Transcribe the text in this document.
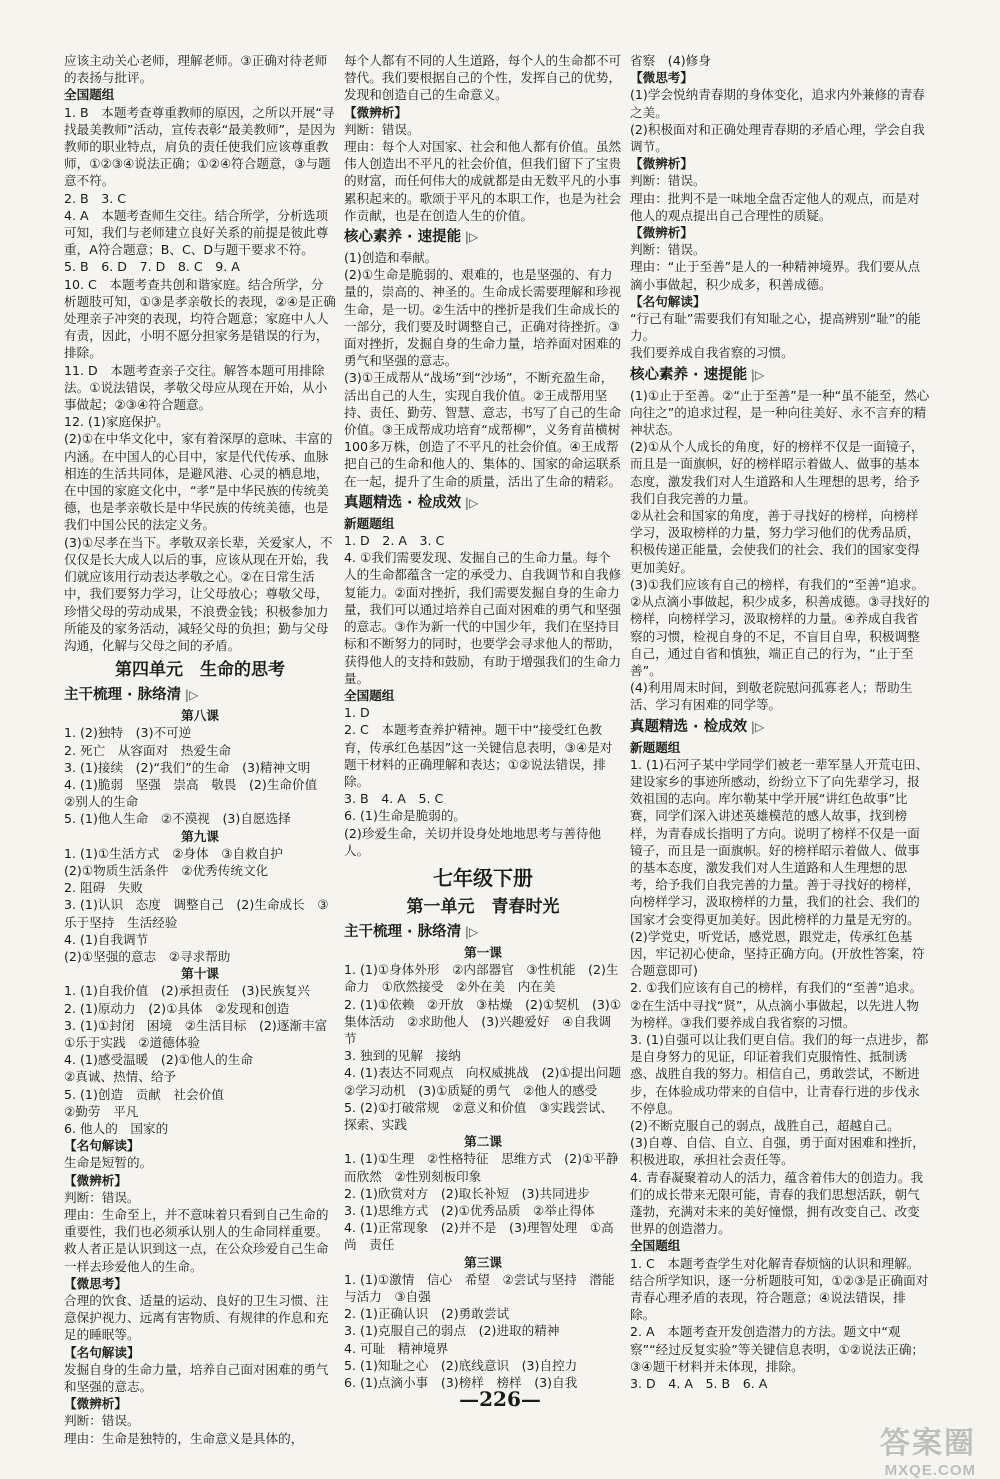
应该主动关心老师，理解老师。③正确对待老师的表扬与批评。
全国题组
1. B　本题考查尊重教师的原因，之所以开展“寻找最美教师”活动，宣传表彰“最美教师”，是因为教师的职业特点，肩负的责任使我们应该尊重教师，①②③④说法正确；①②④符合题意，③与题意不符。
2. B　3. C
4. A　本题考查师生交往。结合所学，分析选项可知，我们与老师建立良好关系的前提是彼此尊重，A符合题意；B、C、D与题干要求不符。
5. B　6. D　7. D　8. C　9. A
10. C　本题考查共创和谐家庭。结合所学，分析题肢可知，①③是孝亲敬长的表现，②④是正确处理亲子冲突的表现，均符合题意；家庭中人人有责，因此，小明不愿分担家务是错误的行为，排除。
11. D　本题考查亲子交往。解答本题可用排除法。①说法错误，孝敬父母应从现在开始，从小事做起；②③④符合题意。
12. (1)家庭保护。
(2)①在中华文化中，家有着深厚的意味、丰富的内涵。在中国人的心目中，家是代代传承、血脉相连的生活共同体，是避风港、心灵的栖息地，在中国的家庭文化中，“孝”是中华民族的传统美德，也是孝亲敬长是中华民族的传统美德，也是我们中国公民的法定义务。
(3)①尽孝在当下。孝敬双亲长辈，关爱家人，不仅仅是长大成人以后的事，应该从现在开始，我们就应该用行动表达孝敬之心。②在日常生活中，我们要努力学习，让父母放心；尊敬父母，珍惜父母的劳动成果，不浪费金钱；积极参加力所能及的家务活动，减轻父母的负担；勤与父母沟通，化解与父母之间的矛盾。
第四单元　生命的思考
主干梳理 · 脉络清 |▷
第八课
1. (2)独特　(3)不可逆
2. 死亡　从容面对　热爱生命
3. (1)接续　(2)“我们”的生命　(3)精神文明
4. (1)脆弱　坚强　崇高　敬畏　(2)生命价值　②别人的生命
5. (1)他人生命　②不漠视　(3)自愿选择
第九课
1. (1)①生活方式　②身体　③自救自护
(2)①物质生活条件　②优秀传统文化
2. 阻碍　失败
3. (1)认识　态度　调整自己　(2)生命成长　③乐于坚持　生活经验
4. (1)自我调节
(2)①坚强的意志　②寻求帮助
第十课
1. (1)自我价值　(2)承担责任　(3)民族复兴
2. (1)原动力　(2)①具体　②发现和创造
3. (1)①封闭　困境　②生活目标　(2)逐渐丰富　①乐于实践　②道德体验
4. (1)感受温暖　(2)①他人的生命
②真诚、热情、给予
5. (1)创造　贡献　社会价值
②勤劳　平凡
6. 他人的　国家的
【名句解读】
生命是短暂的。
【微辨析】
判断：错误。
理由：生命至上，并不意味着只看到自己生命的重要性，我们也必须承认别人的生命同样重要。救人者正是认识到这一点，在公众珍爱自己生命一样去珍爱他人的生命。
【微思考】
合理的饮食、适量的运动、良好的卫生习惯、注意保护视力、远离有害物质、有规律的作息和充足的睡眠等。
【名句解读】
发掘自身的生命力量，培养自己面对困难的勇气和坚强的意志。
【微辨析】
判断：错误。
理由：生命是独特的，生命意义是具体的，
每个人都有不同的人生道路，每个人的生命都不可替代。我们要根据自己的个性，发挥自己的优势，发现和创造自己的生命意义。
【微辨析】
判断：错误。
理由：每个人对国家、社会和他人都有价值。虽然伟人创造出不平凡的社会价值，但我们留下了宝贵的财富，而任何伟大的成就都是由无数平凡的小事累积起来的。歌颂于平凡的本职工作，也是为社会作贡献，也是在创造人生的价值。
核心素养 · 速提能 |▷
(1)创造和奉献。
(2)①生命是脆弱的、艰难的，也是坚强的、有力量的，崇高的、神圣的。生命成长需要理解和珍视生命，是一切。②生活中的挫折是我们生命成长的一部分，我们要及时调整自己，正确对待挫折。③面对挫折，发掘自身的生命力量，培养面对困难的勇气和坚强的意志。
(3)①王成帮从“战场”到“沙场”，不断充盈生命，活出自己的人生，实现自我价值。②王成帮用坚持、责任、勤劳、智慧、意志，书写了自己的生命价值。③王成帮成功培育“成帮柳”，义务育苗横树100多万株，创造了不平凡的社会价值。④王成帮把自己的生命和他人的、集体的、国家的命运联系在一起，提升了生命的质量，活出了生命的精彩。
真题精选 · 检成效 |▷
新题题组
1. D　2. A　3. C
4. ①我们需要发现、发掘自己的生命力量。每个人的生命都蕴含一定的承受力、自我调节和自我修复能力。②面对挫折，我们需要发掘自身的生命力量，我们可以通过培养自己面对困难的勇气和坚强的意志。③作为新一代的中国少年，我们在坚持目标和不断努力的同时，也要学会寻求他人的帮助，获得他人的支持和鼓励，有助于增强我们的生命力量。
全国题组
1. D
2. C　本题考查养护精神。题干中“接受红色教育，传承红色基因”这一关键信息表明，③④是对题干材料的正确理解和表达；①②说法错误，排除。
3. B　4. A　5. C
6. (1)生命是脆弱的。
(2)珍爱生命，关切并设身处地地思考与善待他人。
七年级下册
第一单元　青春时光
主干梳理 · 脉络清 |▷
第一课
1. (1)①身体外形　②内部器官　③性机能　(2)生命力　①欣然接受　②外在美　内在美
2. (1)①依赖　②开放　③枯燥　(2)①契机　(3)①集体活动　②求助他人　(3)兴趣爱好　④自我调节
3. 独到的见解　接纳
4. (1)表达不同观点　向权威挑战　(2)①提出问题　②学习动机　(3)①质疑的勇气　②他人的感受
5. (2)①打破常规　②意义和价值　③实践尝试、探索、实践
第二课
1. (1)①生理　②性格特征　思维方式　(2)①平静而欣然　②性别刻板印象
2. (1)欣赏对方　(2)取长补短　(3)共同进步
3. (1)思维方式　(2)①优秀品质　②举止得体
4. (1)正常现象　(2)并不是　(3)理智处理　①高尚　责任
第三课
1. (1)①激情　信心　希望　②尝试与坚持　潜能与活力　③自强
2. (1)正确认识　(2)勇敢尝试
3. (1)克服自己的弱点　(2)进取的精神
4. 可耻　精神境界
5. (1)知耻之心　(2)底线意识　(3)自控力
6. (1)点滴小事　(3)榜样　榜样　(3)自我
省察　(4)修身
【微思考】
(1)学会悦纳青春期的身体变化，追求内外兼修的青春之美。
(2)积极面对和正确处理青春期的矛盾心理，学会自我调节。
【微辨析】
判断：错误。
理由：批判不是一味地全盘否定他人的观点，而是对他人的观点提出自己合理性的质疑。
【微辨析】
判断：错误。
理由：“止于至善”是人的一种精神境界。我们要从点滴小事做起，积少成多，积善成德。
【名句解读】
“行己有耻”需要我们有知耻之心，提高辨别“耻”的能力。
我们要养成自我省察的习惯。
核心素养 · 速提能 |▷
(1)①止于至善。②“止于至善”是一种“虽不能至，然心向往之”的追求过程，是一种向往美好、永不言弃的精神状态。
(2)①从个人成长的角度，好的榜样不仅是一面镜子，而且是一面旗帜，好的榜样昭示着做人、做事的基本态度，激发我们对人生道路和人生理想的思考，给予我们自我完善的力量。
②从社会和国家的角度，善于寻找好的榜样，向榜样学习，汲取榜样的力量，努力学习他们的优秀品质，积极传递正能量，会使我们的社会、我们的国家变得更加美好。
(3)①我们应该有自己的榜样，有我们的“至善”追求。②从点滴小事做起，积少成多，积善成德。③寻找好的榜样，向榜样学习，汲取榜样的力量。④养成自我省察的习惯，检视自身的不足，不盲目自卑，积极调整自己，通过自省和慎独，端正自己的行为，“止于至善”。
(4)利用周末时间，到敬老院慰问孤寡老人；帮助生活、学习有困难的同学等。
真题精选 · 检成效 |▷
新题题组
1. (1)石河子某中学同学们被老一辈军垦人开荒屯田、建设家乡的事迹所感动，纷纷立下了向先辈学习，报效祖国的志向。库尔勒某中学开展“讲红色故事”比赛，同学们深入讲述英雄模范的感人故事，找到榜样，为青春成长指明了方向。说明了榜样不仅是一面镜子，而且是一面旗帜。好的榜样昭示着做人、做事的基本态度，激发我们对人生道路和人生理想的思考，给予我们自我完善的力量。善于寻找好的榜样，向榜样学习，汲取榜样的力量，我们的社会、我们的国家才会变得更加美好。因此榜样的力量是无穷的。
(2)学党史，听党话，感党恩，跟党走，传承红色基因，牢记初心使命，坚持正确方向。(开放性答案，符合题意即可)
2. ①我们应该有自己的榜样，有我们的“至善”追求。②在生活中寻找“贤”，从点滴小事做起，以先进人物为榜样。③我们要养成自我省察的习惯。
3. (1)自强可以让我们更自信。我们的每一点进步，都是自身努力的见证，印证着我们克服惰性、抵制诱惑、战胜自我的努力。相信自己，勇敢尝试，不断进步，在体验成功带来的自信中，让青春行进的步伐永不停息。
(2)不断克服自己的弱点，战胜自己，超越自己。
(3)自尊、自信、自立、自强，勇于面对困难和挫折，积极进取，承担社会责任等。
4. 青春凝聚着动人的活力，蕴含着伟大的创造力。我们的成长带来无限可能，青春的我们思想活跃，朝气蓬勃，充满对未来的美好憧憬，拥有改变自己、改变世界的创造潜力。
全国题组
1. C　本题考查学生对化解青春烦恼的认识和理解。结合所学知识，逐一分析题肢可知，①②③是正确面对青春心理矛盾的表现，符合题意；④说法错误，排除。
2. A　本题考查开发创造潜力的方法。题文中“观察”“经过反复实验”等关键信息表明，①②说法正确；③④题干材料并未体现，排除。
3. D　4. A　5. B　6. A
—226—
答案圈
MXQE.COM
